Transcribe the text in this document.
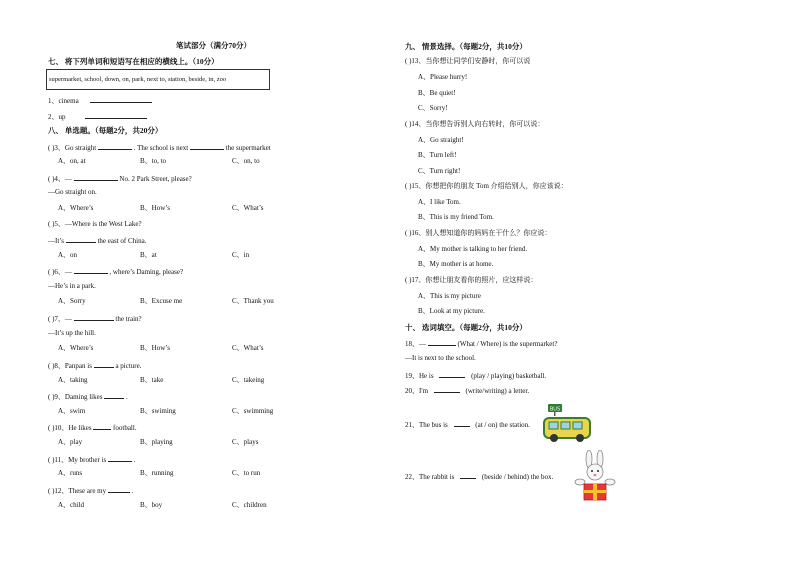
笔试部分（满分70分）
七、 将下列单词和短语写在相应的横线上。（10分）
supermarket, school, down, on, park, next to, station, beside, in, zoo
1、cinema
2、up
八、 单选题。（每题2分，共20分）
( )3、Go straight	. The school is next	the supermarket
A、on, at	B、to, to	C、on, to
( )4、—	No. 2 Park Street, please?
—Go straight on.
A、Where’s	B、How’s	C、What’s
( )5、—Where is the West Lake?
—It’s	the east of China.
A、on	B、at	C、in
( )6、—	, where’s Daming, please?
—He’s in a park.
A、Sorry	B、Excuse me	C、Thank you
( )7、—	the train?
—It’s up the hill.
A、Where’s	B、How’s	C、What’s
( )8、Panpan is	a picture.
A、taking	B、take	C、takeing
( )9、Daming likes	.
A、swim	B、swiming	C、swimming
( )10、He likes	football.
A、play	B、playing	C、plays
( )11、My brother is	.
A、runs	B、running	C、to run
( )12、These are my	.
A、child	B、boy	C、children
九、 情景选择。（每题2分，共10分）
( )13、当你想让同学们安静时，你可以说
A、Please hurry!
B、Be quiet!
C、Sorry!
( )14、当你想告诉别人向右转时，你可以说：
A、Go straight!
B、Turn left!
C、Turn right!
( )15、你想把你的朋友 Tom 介绍给别人，你应该说：
A、I like Tom.
B、This is my friend Tom.
( )16、别人想知道你的妈妈在干什么？你应说：
A、My mother is talking to her friend.
B、My mother is at home.
( )17、你想让朋友看你的照片，应这样说：
A、This is my picture
B、Look at my picture.
十、 选词填空。（每题2分，共10分）
18、—	(What / Where) is the supermarket?
—It is next to the school.
19、He is	(play / playing) basketball.
20、I'm	(write/writing) a letter.
21、The bus is	(at / on) the station.
BUS
22、The rabbit is	(beside / behind) the box.
